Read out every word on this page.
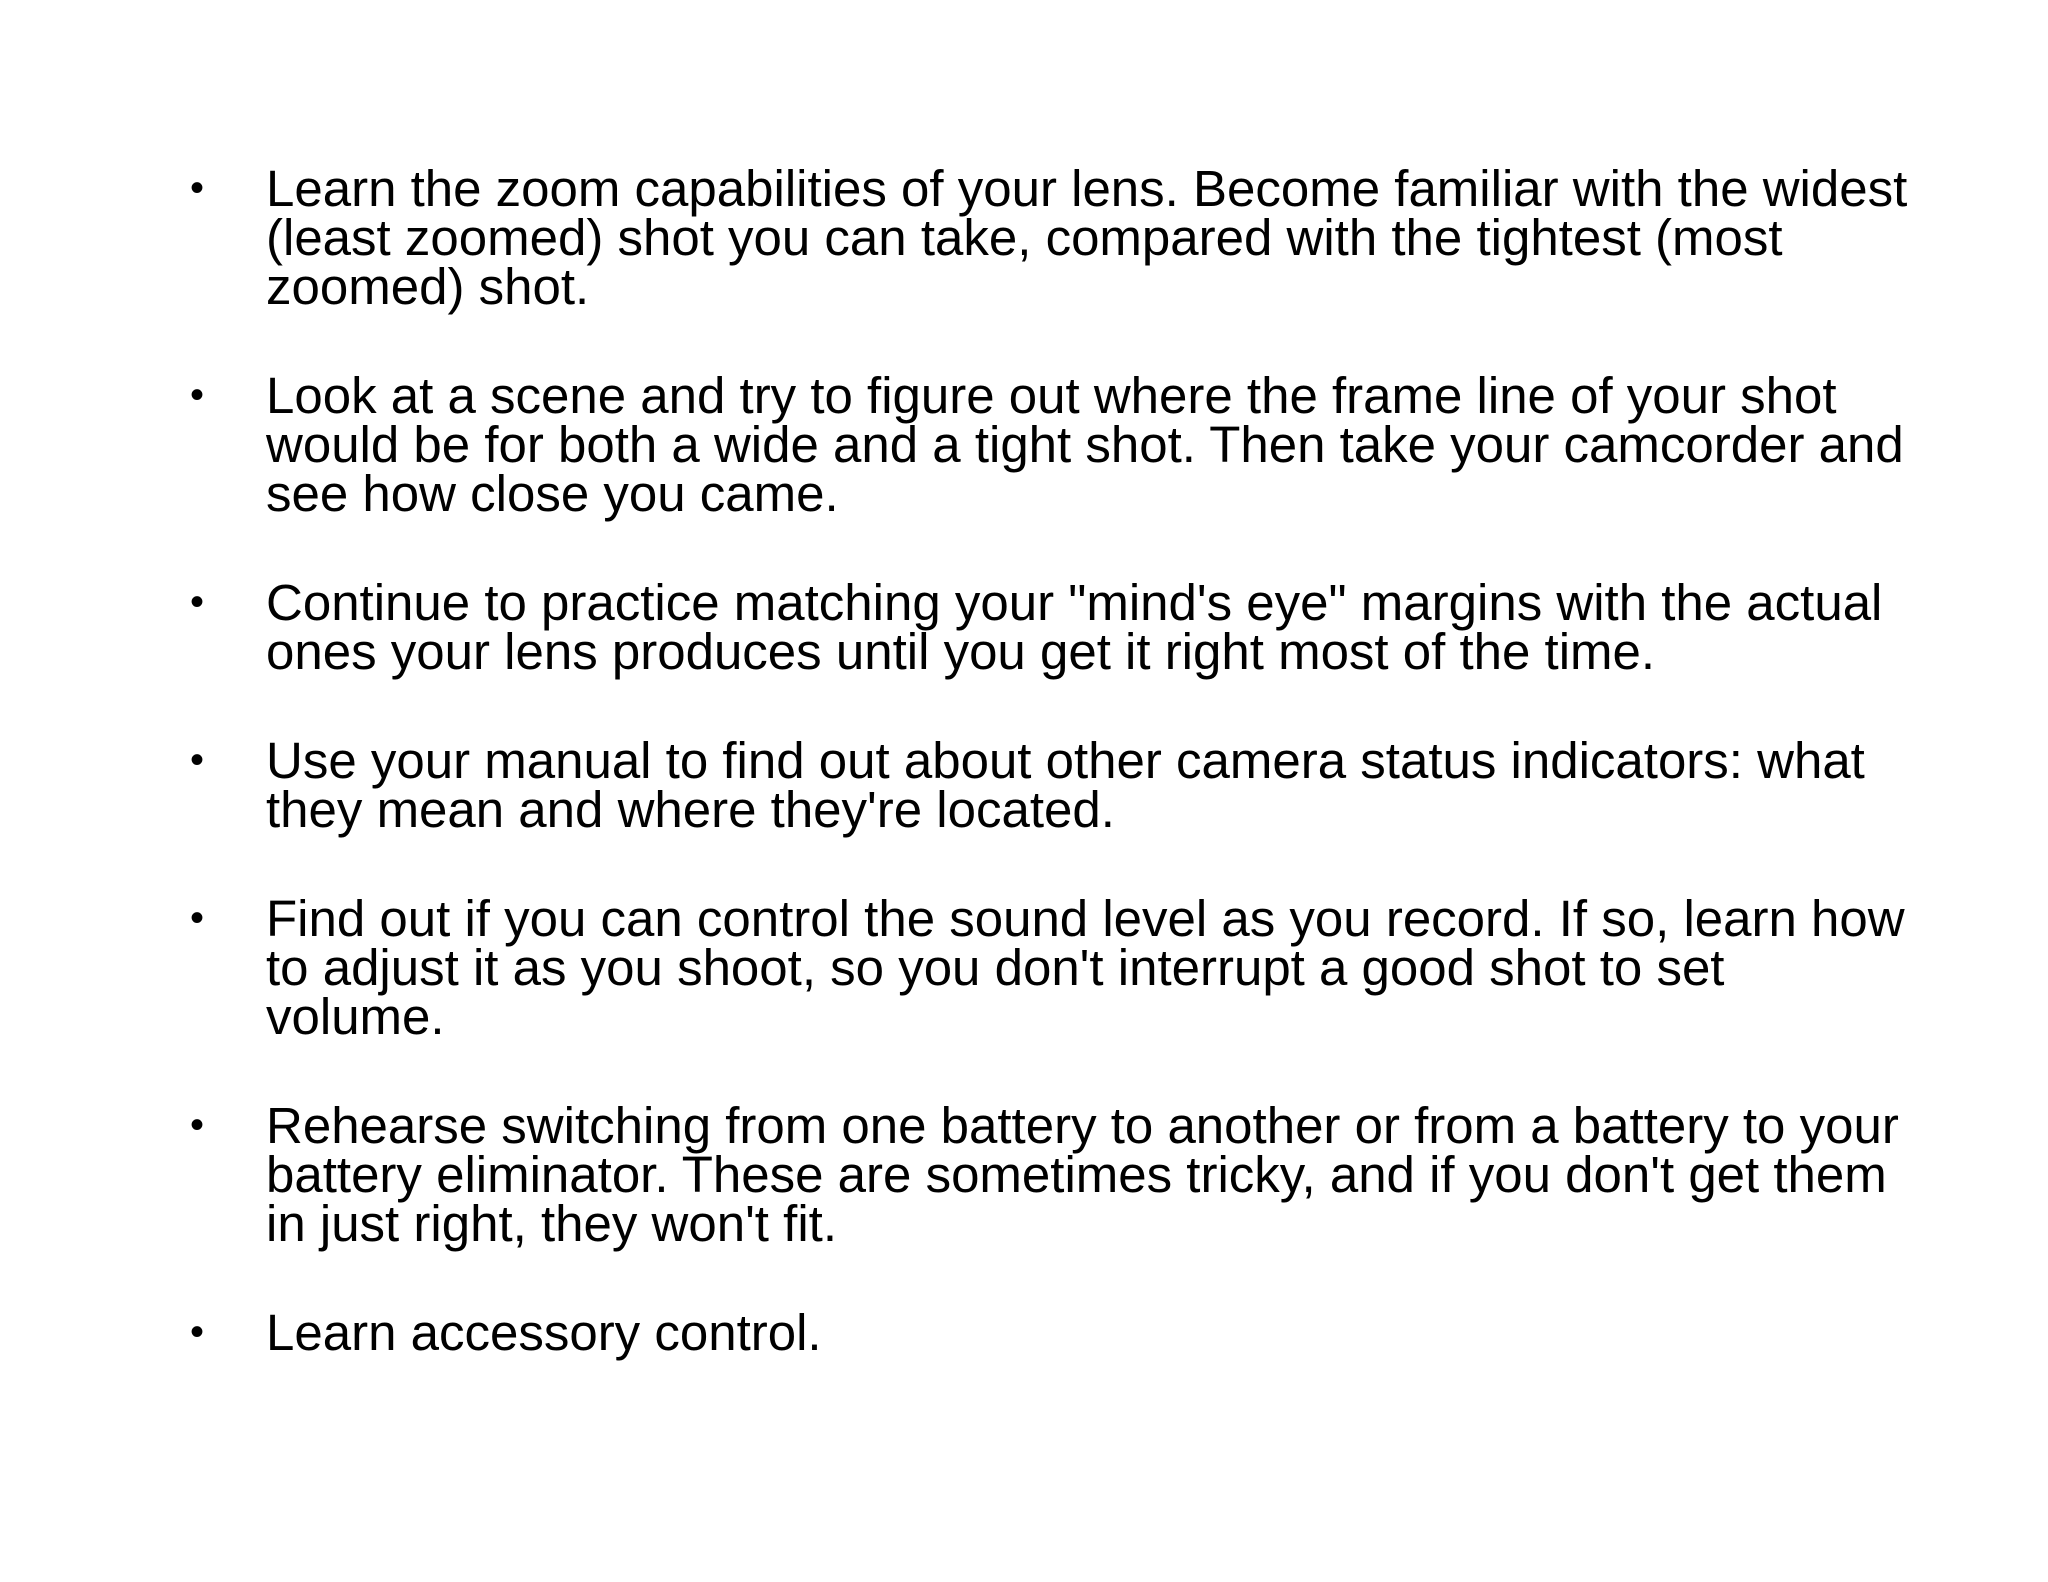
•	Learn the zoom capabilities of your lens. Become familiar with the widest (least zoomed) shot you can take, compared with the tightest (most zoomed) shot.
•	Look at a scene and try to figure out where the frame line of your shot would be for both a wide and a tight shot. Then take your camcorder and see how close you came.
•	Continue to practice matching your "mind's eye" margins with the actual ones your lens produces until you get it right most of the time.
•	Use your manual to find out about other camera status indicators: what they mean and where they're located.
•	Find out if you can control the sound level as you record. If so, learn how to adjust it as you shoot, so you don't interrupt a good shot to set volume.
•	Rehearse switching from one battery to another or from a battery to your battery eliminator. These are sometimes tricky, and if you don't get them in just right, they won't fit.
•	Learn accessory control.
